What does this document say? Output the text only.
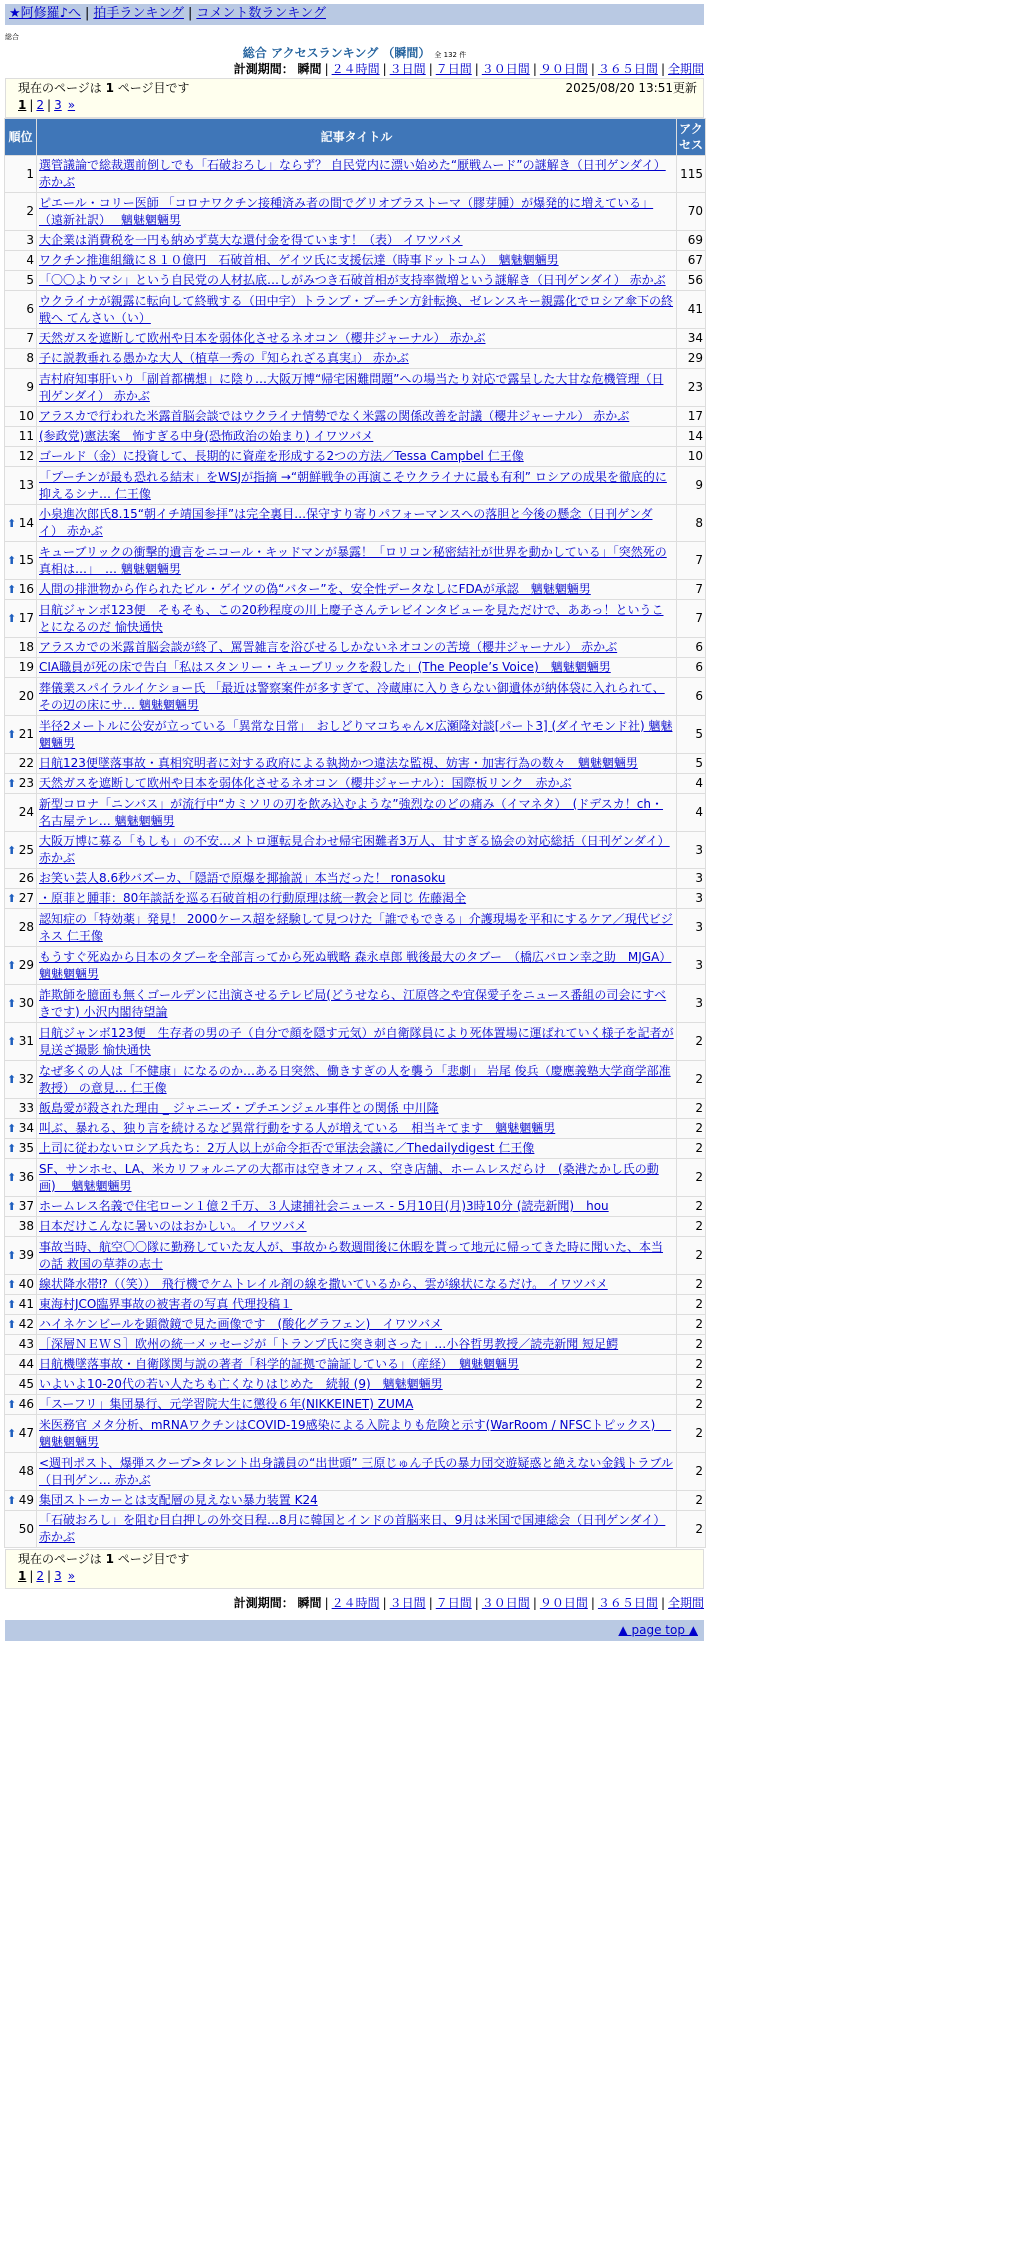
★阿修羅♪へ | 拍手ランキング | コメント数ランキング
総合
総合 アクセスランキング （瞬間） 全 132 件
計測期間： 瞬間 | ２４時間 | ３日間 | ７日間 | ３０日間 | ９０日間 | ３６５日間 | 全期間
現在のページは 1 ページ目です	2025/08/20 13:51更新
1 | 2 | 3 »
順位	記事タイトル	アクセス
1	選管議論で総裁選前倒しでも「石破おろし」ならず？ 自民党内に漂い始めた“厭戦ムード”の謎解き（日刊ゲンダイ） 赤かぶ	115
2	ピエール・コリー医師 「コロナワクチン接種済み者の間でグリオブラストーマ（膠芽腫）が爆発的に増えている」 （遠新社訳）　 魑魅魍魎男	70
3	大企業は消費税を一円も納めず莫大な還付金を得ています！（表） イワツバメ	69
4	ワクチン推進組織に８１０億円　石破首相、ゲイツ氏に支援伝達（時事ドットコム）　魑魅魍魎男	67
5	「〇〇よりマシ」という自民党の人材払底…しがみつき石破首相が支持率微増という謎解き（日刊ゲンダイ） 赤かぶ	56
6	ウクライナが親露に転向して終戦する（田中宇）トランプ・プーチン方針転換、ゼレンスキー親露化でロシア傘下の終戦へ てんさい（い）	41
7	天然ガスを遮断して欧州や日本を弱体化させるネオコン（櫻井ジャーナル） 赤かぶ	34
8	子に説教垂れる愚かな大人（植草一秀の『知られざる真実』） 赤かぶ	29
9	吉村府知事肝いり「副首都構想」に陰り…大阪万博“帰宅困難問題”への場当たり対応で露呈した大甘な危機管理（日刊ゲンダイ） 赤かぶ	23
10	アラスカで行われた米露首脳会談ではウクライナ情勢でなく米露の関係改善を討議（櫻井ジャーナル） 赤かぶ	17
11	(参政党)憲法案　怖すぎる中身(恐怖政治の始まり) イワツバメ	14
12	ゴールド（金）に投資して、長期的に資産を形成する2つの方法／Tessa Campbel 仁王像	10
13	「プーチンが最も恐れる結末」をWSJが指摘 →“朝鮮戦争の再演こそウクライナに最も有利” ロシアの成果を徹底的に抑えるシナ… 仁王像	9

⬆ 14	小泉進次郎氏8.15“朝イチ靖国参拝”は完全裏目…保守すり寄りパフォーマンスへの落胆と今後の懸念（日刊ゲンダイ） 赤かぶ	8

⬆ 15	キューブリックの衝撃的遺言をニコール・キッドマンが暴露！「ロリコン秘密結社が世界を動かしている」「突然死の真相は…」　… 魑魅魍魎男	7

⬆ 16	人間の排泄物から作られたビル・ゲイツの偽“バター”を、安全性データなしにFDAが承認　魑魅魍魎男	7

⬆ 17	日航ジャンボ123便　そもそも、この20秒程度の川上慶子さんテレビインタビューを見ただけで、ああっ！ということになるのだ 愉快通快	7
18	アラスカでの米露首脳会談が終了、罵詈雑言を浴びせるしかないネオコンの苦境（櫻井ジャーナル） 赤かぶ	6
19	CIA職員が死の床で告白「私はスタンリー・キューブリックを殺した」(The People’s Voice)　魑魅魍魎男	6
20	葬儀業スパイラルイケショー氏 「最近は警察案件が多すぎて、冷蔵庫に入りきらない御遺体が納体袋に入れられて、その辺の床にサ… 魑魅魍魎男	6

⬆ 21	半径2メートルに公安が立っている「異常な日常」　おしどりマコちゃん×広瀬隆対談[パート3] (ダイヤモンド社) 魑魅魍魎男	5
22	日航123便墜落事故・真相究明者に対する政府による執拗かつ違法な監視、妨害・加害行為の数々　魑魅魍魎男	5

⬆ 23	天然ガスを遮断して欧州や日本を弱体化させるネオコン（櫻井ジャーナル）：国際板リンク　赤かぶ	4
24	新型コロナ「ニンバス」が流行中“カミソリの刃を飲み込むような”強烈なのどの痛み（イマネタ）　(ドデスカ！ch・名古屋テレ… 魑魅魍魎男	4

⬆ 25	大阪万博に募る「もしも」の不安…メトロ運転見合わせ帰宅困難者3万人、甘すぎる協会の対応総括（日刊ゲンダイ） 赤かぶ	3
26	お笑い芸人8.6秒バズーカ、「隠語で原爆を揶揄説」本当だった！ ronasoku	3

⬆ 27	・原菲と腫菲：80年談話を巡る石破首相の行動原理は統一教会と同じ 佐藤渇全	3
28	認知症の「特効薬」発見！ 2000ケース超を経験して見つけた「誰でもできる」介護現場を平和にするケア／現代ビジネス 仁王像	3

⬆ 29	もうすぐ死ぬから日本のタブーを全部言ってから死ぬ戦略 森永卓郎 戦後最大のタブー　（橋広バロン幸之助　MJGA） 魑魅魍魎男	3

⬆ 30	詐欺師を臆面も無くゴールデンに出演させるテレビ局(どうせなら、江原啓之や宜保愛子をニュース番組の司会にすべきです) 小沢内閣待望論	3

⬆ 31	日航ジャンボ123便　生存者の男の子（自分で顔を隠す元気）が自衛隊員により死体置場に運ばれていく様子を記者が見送ざ撮影 愉快通快	2

⬆ 32	なぜ多くの人は「不健康」になるのか…ある日突然、働きすぎの人を襲う「悲劇」 岩尾 俊兵（慶應義塾大学商学部准教授） の意見… 仁王像	2
33	飯島愛が殺された理由 _ ジャニーズ・プチエンジェル事件との関係 中川隆	2

⬆ 34	叫ぶ、暴れる、独り言を続けるなど異常行動をする人が増えている　相当キてます　魑魅魍魎男	2

⬆ 35	上司に従わないロシア兵たち：2万人以上が命令拒否で軍法会議に／Thedailydigest 仁王像	2

⬆ 36	SF、サンホセ、LA、米カリフォルニアの大都市は空きオフィス、空き店舗、ホームレスだらけ　(桑港たかし氏の動画)　 魑魅魍魎男	2

⬆ 37	ホームレス名義で住宅ローン１億２千万、３人逮捕社会ニュース - 5月10日(月)3時10分 (読売新聞)　hou	2
38	日本だけこんなに暑いのはおかしい。 イワツバメ	2

⬆ 39	事故当時、航空〇〇隊に勤務していた友人が、事故から数週間後に休暇を貰って地元に帰ってきた時に聞いた、本当の話 救国の草莽の志士	2

⬆ 40	線状降水帯⁉（（笑））　飛行機でケムトレイル剤の線を撒いているから、雲が線状になるだけ。 イワツバメ	2

⬆ 41	東海村JCO臨界事故の被害者の写真 代理投稿１	2

⬆ 42	ハイネケンビールを顕微鏡で見た画像です　(酸化グラフェン)　イワツバメ	2
43	［深層ＮＥＷＳ］欧州の統一メッセージが「トランプ氏に突き刺さった」…小谷哲男教授／読売新聞 短足鰐	2
44	日航機墜落事故・自衛隊関与説の著者「科学的証拠で論証している」（産経）　魑魅魍魎男	2
45	いよいよ10-20代の若い人たちも亡くなりはじめた　続報 (9)　魑魅魍魎男	2

⬆ 46	「スーフリ」集団暴行、元学習院大生に懲役６年(NIKKEINET) ZUMA	2

⬆ 47	米医務官 メタ分析、mRNAワクチンはCOVID-19感染による入院よりも危険と示す(WarRoom / NFSCトピックス)　 魑魅魍魎男	2
48	<週刊ポスト、爆弾スクープ>タレント出身議員の“出世頭” 三原じゅん子氏の暴力団交遊疑惑と絶えない金銭トラブル（日刊ゲン… 赤かぶ	2

⬆ 49	集団ストーカーとは支配層の見えない暴力装置 K24	2
50	「石破おろし」を阻む目白押しの外交日程…8月に韓国とインドの首脳来日、9月は米国で国連総会（日刊ゲンダイ） 赤かぶ	2
現在のページは 1 ページ目です
1 | 2 | 3 »
計測期間： 瞬間 | ２４時間 | ３日間 | ７日間 | ３０日間 | ９０日間 | ３６５日間 | 全期間
▲ page top ▲
